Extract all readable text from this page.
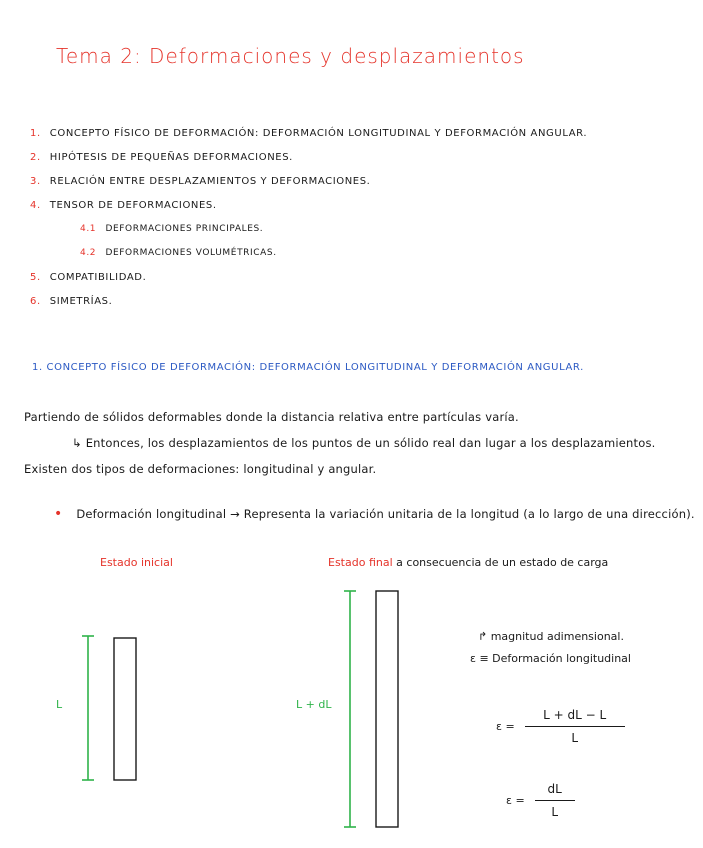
Tema 2: Deformaciones y desplazamientos
1. CONCEPTO FÍSICO DE DEFORMACIÓN: DEFORMACIÓN LONGITUDINAL Y DEFORMACIÓN ANGULAR.
2. HIPÓTESIS DE PEQUEÑAS DEFORMACIONES.
3. RELACIÓN ENTRE DESPLAZAMIENTOS Y DEFORMACIONES.
4. TENSOR DE DEFORMACIONES.
4.1 DEFORMACIONES PRINCIPALES.
4.2 DEFORMACIONES VOLUMÉTRICAS.
5. COMPATIBILIDAD.
6. SIMETRÍAS.
1. CONCEPTO FÍSICO DE DEFORMACIÓN: DEFORMACIÓN LONGITUDINAL Y DEFORMACIÓN ANGULAR.
Partiendo de sólidos deformables donde la distancia relativa entre partículas varía.
↳ Entonces, los desplazamientos de los puntos de un sólido real dan lugar a los desplazamientos.
Existen dos tipos de deformaciones: longitudinal y angular.
• Deformación longitudinal → Representa la variación unitaria de la longitud (a lo largo de una dirección).
Estado inicial	Estado final a consecuencia de un estado de carga
L	L + dL
↱ magnitud adimensional.
ε ≡ Deformación longitudinal
$\varepsilon = \frac{L + dL - L}{L}$
$\varepsilon = \frac{dL}{L}$
